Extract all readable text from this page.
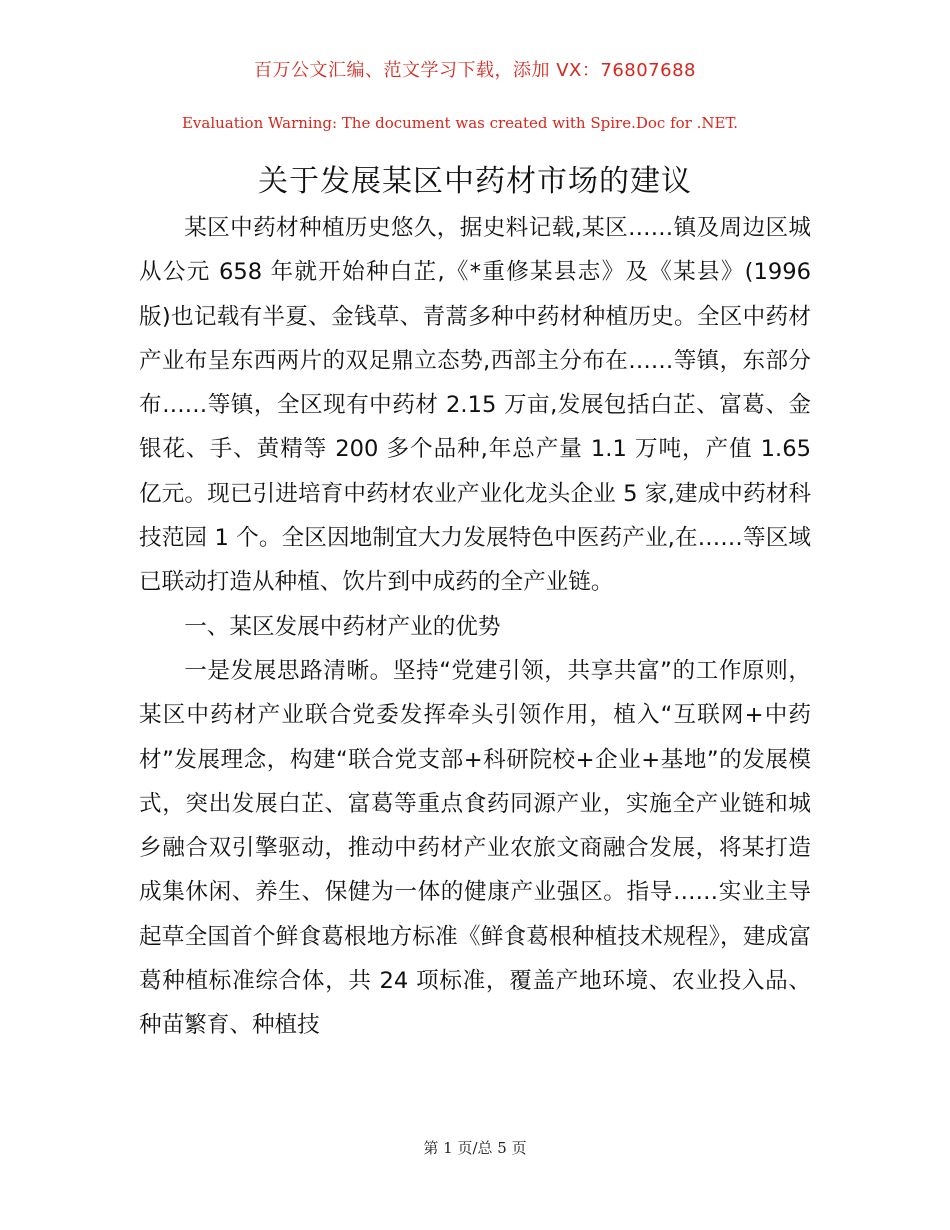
百万公文汇编、范文学习下载，添加 VX：76807688
Evaluation Warning: The document was created with Spire.Doc for .NET.
关于发展某区中药材市场的建议

某区中药材种植历史悠久，据史料记载,某区……镇及周边区城从公元 658 年就开始种白芷,《*重修某县志》及《某县》(1996 版)也记载有半夏、金钱草、青蒿多种中药材种植历史。全区中药材产业布呈东西两片的双足鼎立态势,西部主分布在……等镇，东部分布……等镇，全区现有中药材 2.15 万亩,发展包括白芷、富葛、金银花、手、黄精等 200 多个品种,年总产量 1.1 万吨，产值 1.65 亿元。现已引进培育中药材农业产业化龙头企业 5 家,建成中药材科技范园 1 个。全区因地制宜大力发展特色中医药产业,在……等区域已联动打造从种植、饮片到中成药的全产业链。

一、某区发展中药材产业的优势

一是发展思路清晰。坚持“党建引领，共享共富”的工作原则，某区中药材产业联合党委发挥牵头引领作用，植入“互联网+中药材”发展理念，构建“联合党支部+科研院校+企业+基地”的发展模式，突出发展白芷、富葛等重点食药同源产业，实施全产业链和城乡融合双引擎驱动，推动中药材产业农旅文商融合发展，将某打造成集休闲、养生、保健为一体的健康产业强区。指导……实业主导起草全国首个鲜食葛根地方标准《鲜食葛根种植技术规程》，建成富葛种植标准综合体，共 24 项标准，覆盖产地环境、农业投入品、种苗繁育、种植技

第 1 页/总 5 页
